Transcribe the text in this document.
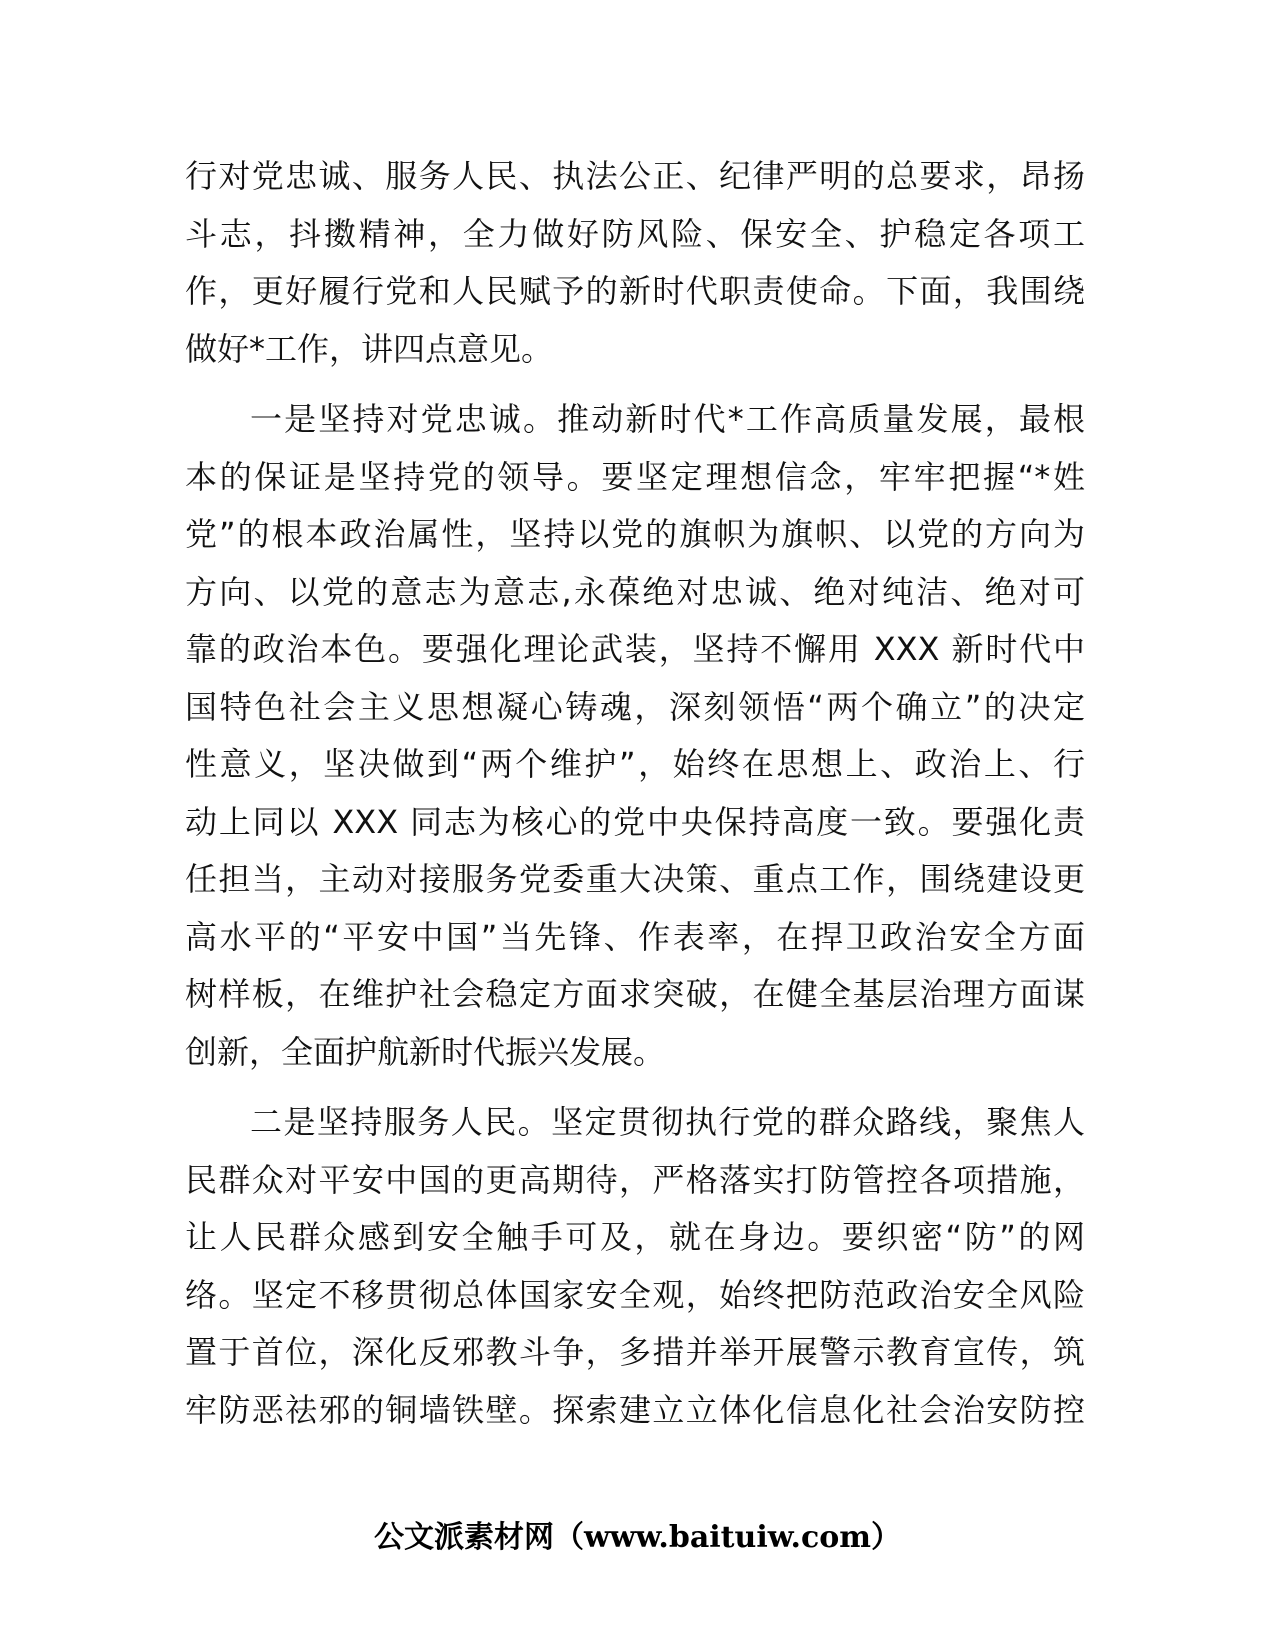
行对党忠诚、服务人民、执法公正、纪律严明的总要求，昂扬
斗志，抖擞精神，全力做好防风险、保安全、护稳定各项工
作，更好履行党和人民赋予的新时代职责使命。下面，我围绕
做好*工作，讲四点意见。
一是坚持对党忠诚。推动新时代*工作高质量发展，最根
本的保证是坚持党的领导。要坚定理想信念，牢牢把握“*姓
党”的根本政治属性，坚持以党的旗帜为旗帜、以党的方向为
方向、以党的意志为意志,永葆绝对忠诚、绝对纯洁、绝对可
靠的政治本色。要强化理论武装，坚持不懈用 XXX 新时代中
国特色社会主义思想凝心铸魂，深刻领悟“两个确立”的决定
性意义，坚决做到“两个维护”，始终在思想上、政治上、行
动上同以 XXX 同志为核心的党中央保持高度一致。要强化责
任担当，主动对接服务党委重大决策、重点工作，围绕建设更
高水平的“平安中国”当先锋、作表率，在捍卫政治安全方面
树样板，在维护社会稳定方面求突破，在健全基层治理方面谋
创新，全面护航新时代振兴发展。
二是坚持服务人民。坚定贯彻执行党的群众路线，聚焦人
民群众对平安中国的更高期待，严格落实打防管控各项措施，
让人民群众感到安全触手可及，就在身边。要织密“防”的网
络。坚定不移贯彻总体国家安全观，始终把防范政治安全风险
置于首位，深化反邪教斗争，多措并举开展警示教育宣传，筑
牢防恶祛邪的铜墙铁壁。探索建立立体化信息化社会治安防控
公文派素材网（www.baituiw.com）
